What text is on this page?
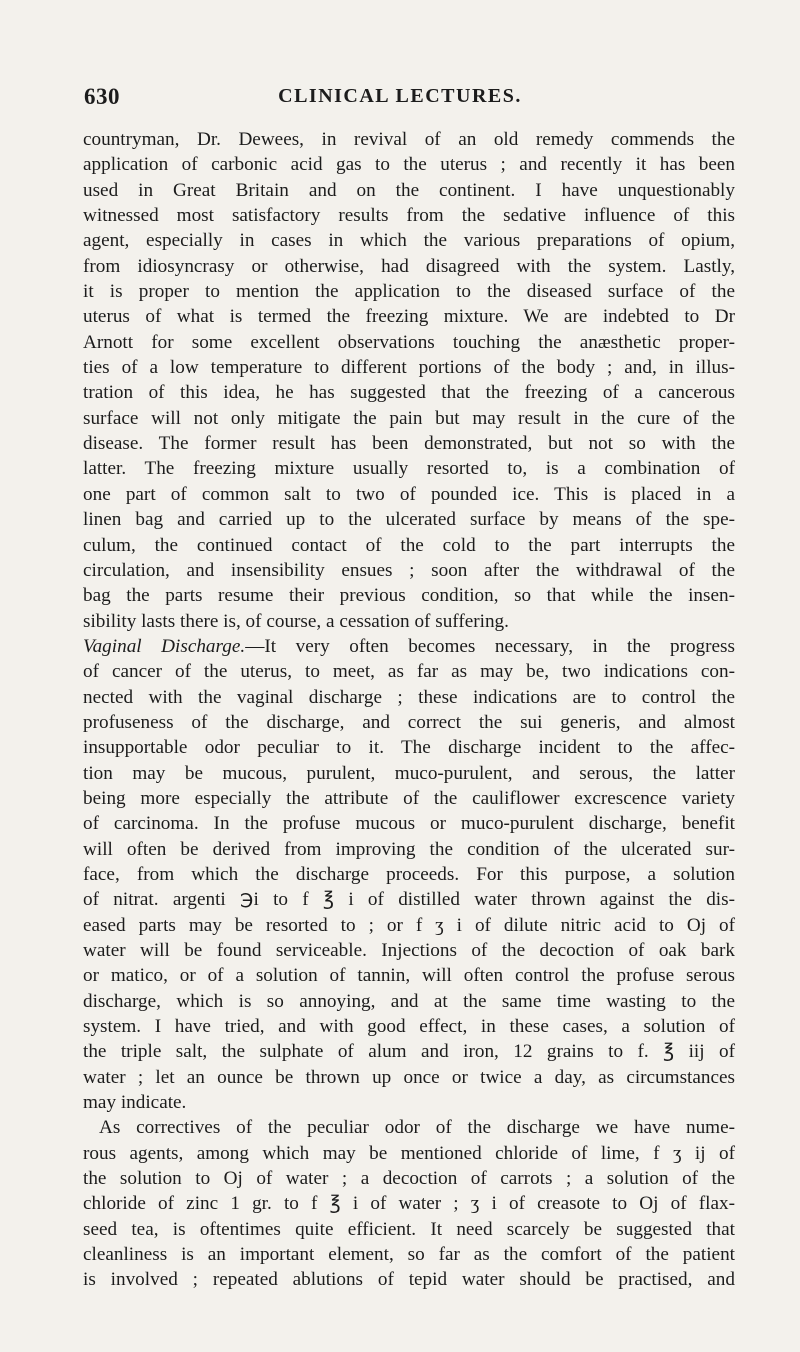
630	CLINICAL LECTURES.
countryman, Dr. Dewees, in revival of an old remedy commends the
application of carbonic acid gas to the uterus ; and recently it has been
used in Great Britain and on the continent. I have unquestionably
witnessed most satisfactory results from the sedative influence of this
agent, especially in cases in which the various preparations of opium,
from idiosyncrasy or otherwise, had disagreed with the system. Lastly,
it is proper to mention the application to the diseased surface of the
uterus of what is termed the freezing mixture. We are indebted to Dr
Arnott for some excellent observations touching the anæsthetic proper-
ties of a low temperature to different portions of the body ; and, in illus-
tration of this idea, he has suggested that the freezing of a cancerous
surface will not only mitigate the pain but may result in the cure of the
disease. The former result has been demonstrated, but not so with the
latter. The freezing mixture usually resorted to, is a combination of
one part of common salt to two of pounded ice. This is placed in a
linen bag and carried up to the ulcerated surface by means of the spe-
culum, the continued contact of the cold to the part interrupts the
circulation, and insensibility ensues ; soon after the withdrawal of the
bag the parts resume their previous condition, so that while the insen-
sibility lasts there is, of course, a cessation of suffering.
Vaginal Discharge.—It very often becomes necessary, in the progress
of cancer of the uterus, to meet, as far as may be, two indications con-
nected with the vaginal discharge ; these indications are to control the
profuseness of the discharge, and correct the sui generis, and almost
insupportable odor peculiar to it. The discharge incident to the affec-
tion may be mucous, purulent, muco-purulent, and serous, the latter
being more especially the attribute of the cauliflower excrescence variety
of carcinoma. In the profuse mucous or muco-purulent discharge, benefit
will often be derived from improving the condition of the ulcerated sur-
face, from which the discharge proceeds. For this purpose, a solution
of nitrat. argenti ℈i to f ℥ i of distilled water thrown against the dis-
eased parts may be resorted to ; or f ʒ i of dilute nitric acid to Oj of
water will be found serviceable. Injections of the decoction of oak bark
or matico, or of a solution of tannin, will often control the profuse serous
discharge, which is so annoying, and at the same time wasting to the
system. I have tried, and with good effect, in these cases, a solution of
the triple salt, the sulphate of alum and iron, 12 grains to f. ℥ iij of
water ; let an ounce be thrown up once or twice a day, as circumstances
may indicate.
As correctives of the peculiar odor of the discharge we have nume-
rous agents, among which may be mentioned chloride of lime, f ʒ ij of
the solution to Oj of water ; a decoction of carrots ; a solution of the
chloride of zinc 1 gr. to f ℥ i of water ; ʒ i of creasote to Oj of flax-
seed tea, is oftentimes quite efficient. It need scarcely be suggested that
cleanliness is an important element, so far as the comfort of the patient
is involved ; repeated ablutions of tepid water should be practised, and
